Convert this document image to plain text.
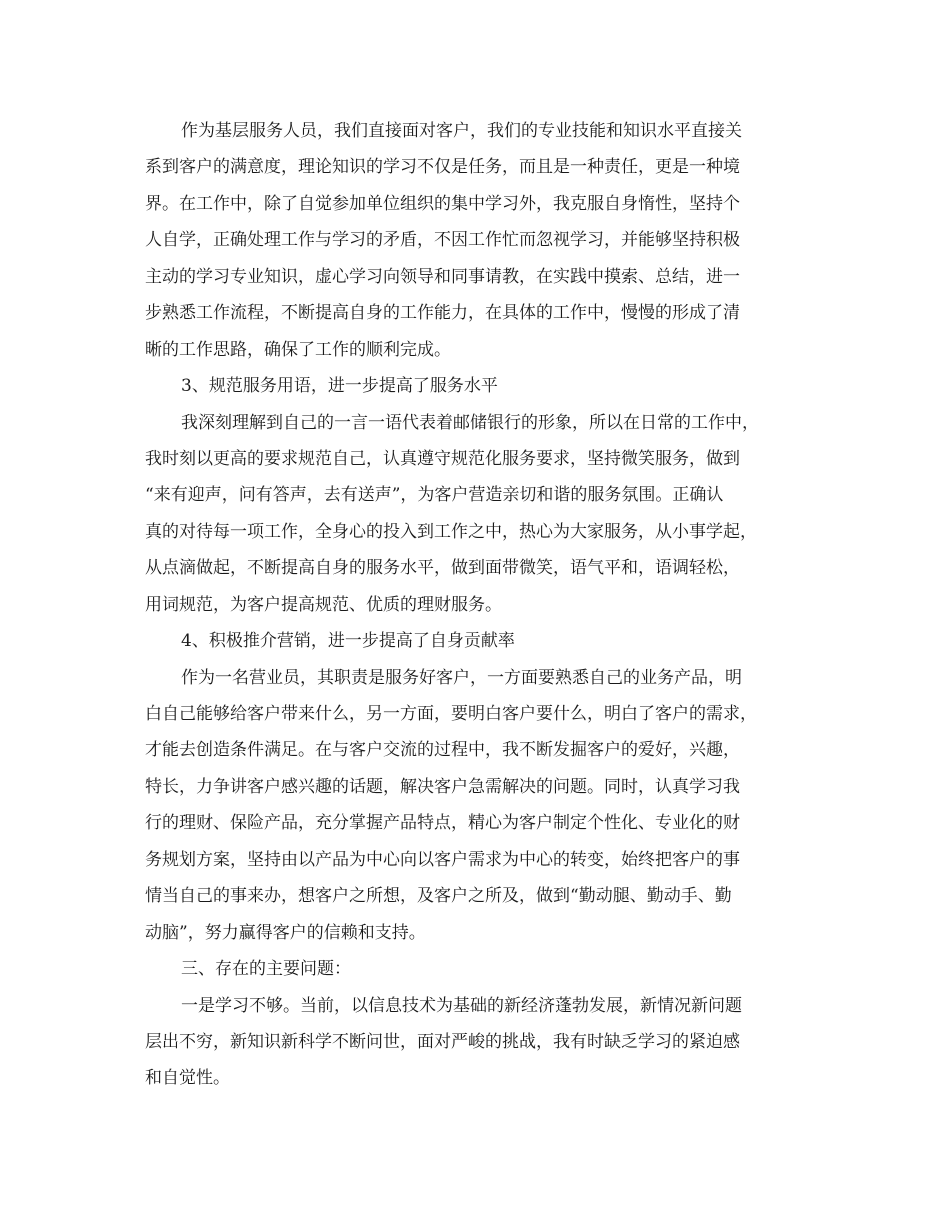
作为基层服务人员，我们直接面对客户，我们的专业技能和知识水平直接关
系到客户的满意度，理论知识的学习不仅是任务，而且是一种责任，更是一种境
界。在工作中，除了自觉参加单位组织的集中学习外，我克服自身惰性，坚持个
人自学，正确处理工作与学习的矛盾，不因工作忙而忽视学习，并能够坚持积极
主动的学习专业知识，虚心学习向领导和同事请教，在实践中摸索、总结，进一
步熟悉工作流程，不断提高自身的工作能力，在具体的工作中，慢慢的形成了清
晰的工作思路，确保了工作的顺利完成。
3、规范服务用语，进一步提高了服务水平
我深刻理解到自己的一言一语代表着邮储银行的形象，所以在日常的工作中，
我时刻以更高的要求规范自己，认真遵守规范化服务要求，坚持微笑服务，做到
“来有迎声，问有答声，去有送声”，为客户营造亲切和谐的服务氛围。正确认
真的对待每一项工作，全身心的投入到工作之中，热心为大家服务，从小事学起，
从点滴做起，不断提高自身的服务水平，做到面带微笑，语气平和，语调轻松，
用词规范，为客户提高规范、优质的理财服务。
4、积极推介营销，进一步提高了自身贡献率
作为一名营业员，其职责是服务好客户，一方面要熟悉自己的业务产品，明
白自己能够给客户带来什么，另一方面，要明白客户要什么，明白了客户的需求，
才能去创造条件满足。在与客户交流的过程中，我不断发掘客户的爱好，兴趣，
特长，力争讲客户感兴趣的话题，解决客户急需解决的问题。同时，认真学习我
行的理财、保险产品，充分掌握产品特点，精心为客户制定个性化、专业化的财
务规划方案，坚持由以产品为中心向以客户需求为中心的转变，始终把客户的事
情当自己的事来办，想客户之所想，及客户之所及，做到“勤动腿、勤动手、勤
动脑”，努力赢得客户的信赖和支持。
三、存在的主要问题：
一是学习不够。当前，以信息技术为基础的新经济蓬勃发展，新情况新问题
层出不穷，新知识新科学不断问世，面对严峻的挑战，我有时缺乏学习的紧迫感
和自觉性。
